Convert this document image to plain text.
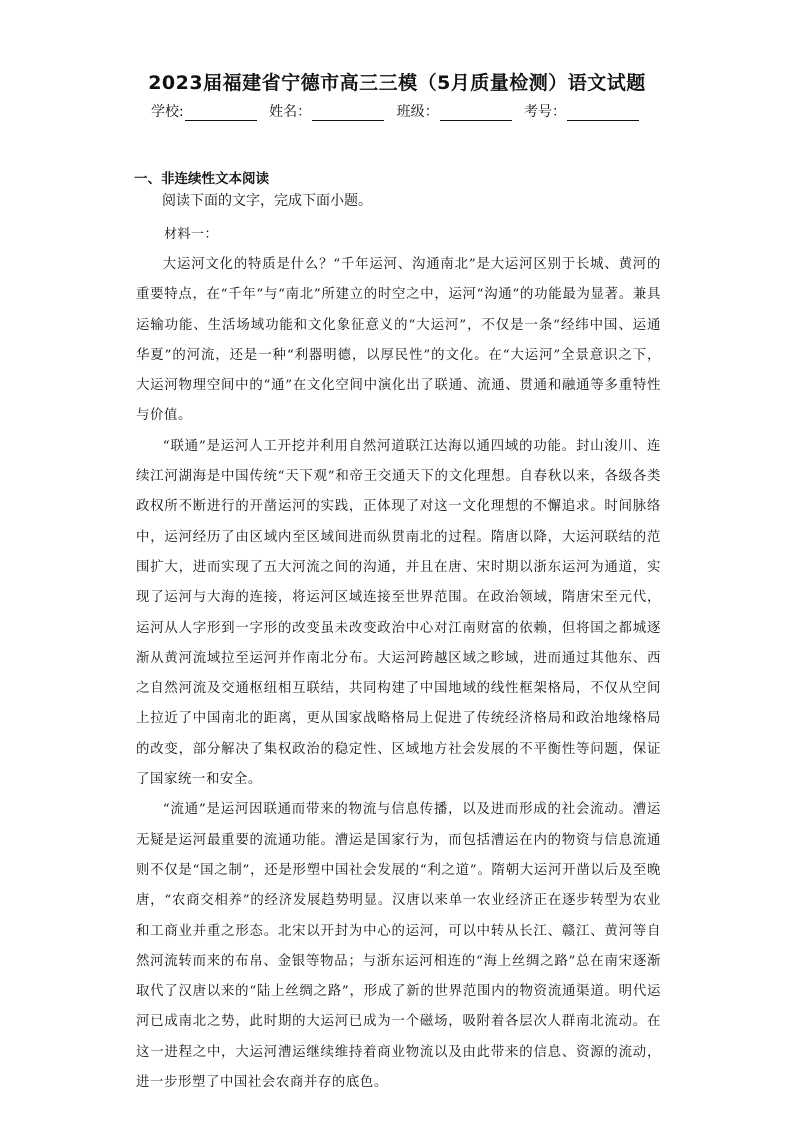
2023届福建省宁德市高三三模（5月质量检测）语文试题
学校:	姓名：	班级：	考号：
一、非连续性文本阅读
阅读下面的文字，完成下面小题。
材料一：

大运河文化的特质是什么？“千年运河、沟通南北”是大运河区别于长城、黄河的重要特点，在“千年”与“南北”所建立的时空之中，运河“沟通”的功能最为显著。兼具运输功能、生活场域功能和文化象征意义的“大运河”，不仅是一条“经纬中国、运通华夏”的河流，还是一种“利器明德，以厚民性”的文化。在“大运河”全景意识之下，大运河物理空间中的“通”在文化空间中演化出了联通、流通、贯通和融通等多重特性与价值。

“联通”是运河人工开挖并利用自然河道联江达海以通四域的功能。封山浚川、连续江河湖海是中国传统“天下观”和帝王交通天下的文化理想。自春秋以来，各级各类政权所不断进行的开凿运河的实践，正体现了对这一文化理想的不懈追求。时间脉络中，运河经历了由区域内至区域间进而纵贯南北的过程。隋唐以降，大运河联结的范围扩大，进而实现了五大河流之间的沟通，并且在唐、宋时期以浙东运河为通道，实现了运河与大海的连接，将运河区域连接至世界范围。在政治领域，隋唐宋至元代，运河从人字形到一字形的改变虽未改变政治中心对江南财富的依赖，但将国之都城逐渐从黄河流域拉至运河并作南北分布。大运河跨越区域之畛域，进而通过其他东、西之自然河流及交通枢纽相互联结，共同构建了中国地域的线性框架格局，不仅从空间上拉近了中国南北的距离，更从国家战略格局上促进了传统经济格局和政治地缘格局的改变，部分解决了集权政治的稳定性、区域地方社会发展的不平衡性等问题，保证了国家统一和安全。

“流通”是运河因联通而带来的物流与信息传播，以及进而形成的社会流动。漕运无疑是运河最重要的流通功能。漕运是国家行为，而包括漕运在内的物资与信息流通则不仅是“国之制”，还是形塑中国社会发展的“利之道”。隋朝大运河开凿以后及至晚唐，“农商交相养”的经济发展趋势明显。汉唐以来单一农业经济正在逐步转型为农业和工商业并重之形态。北宋以开封为中心的运河，可以中转从长江、赣江、黄河等自然河流转而来的布帛、金银等物品；与浙东运河相连的“海上丝绸之路”总在南宋逐渐取代了汉唐以来的“陆上丝绸之路”，形成了新的世界范围内的物资流通渠道。明代运河已成南北之势，此时期的大运河已成为一个磁场，吸附着各层次人群南北流动。在这一进程之中，大运河漕运继续维持着商业物流以及由此带来的信息、资源的流动，进一步形塑了中国社会农商并存的底色。
